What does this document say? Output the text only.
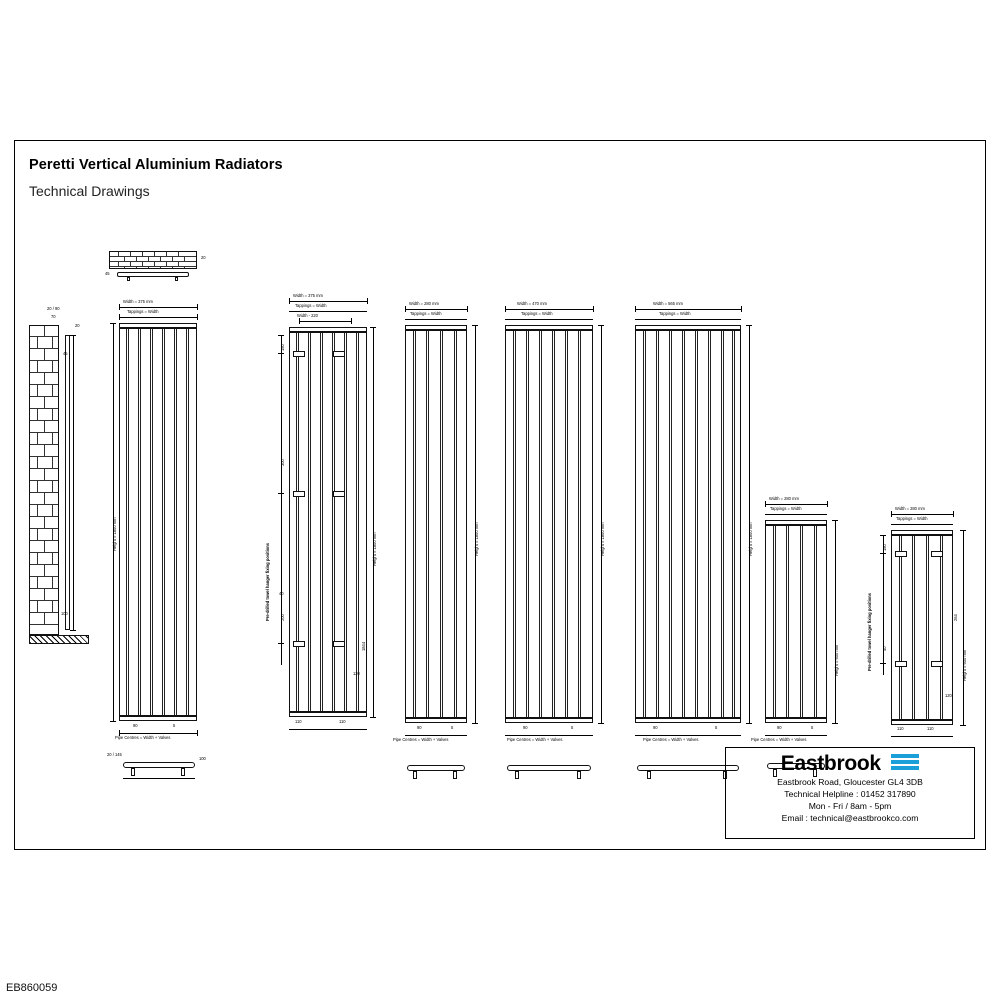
Peretti Vertical Aluminium Radiators
Technical Drawings
20 / 90
70
20
45
100
20
45
Width = 375 mm
Tappings = Width
Height = 1800 mm
90	5
Pipe Centres = Width + Valves
20 / 145
100
Width = 375 mm
Tappings = Width
Width - 220
150
300
200
Pre-drilled towel hanger fixing positions	Height = 1800 mm
1844
40
120
110	110
Width = 280 mm
Tappings = Width
Height = 1800 mm
90	5
Pipe Centres = Width + Valves
Width = 470 mm
Tappings = Width
Height = 1800 mm
90	5
Pipe Centres = Width + Valves
Width = 565 mm
Tappings = Width
Height = 1800 mm
90	5
Pipe Centres = Width + Valves
Width = 280 mm
Tappings = Width
Height = 600 mm
90	5
Pipe Centres = Width + Valves
Width = 280 mm
Tappings = Width
150
40
Pre-drilled towel hanger fixing positions	Height = 600 mm
264
120
110	110
Eastbrook
Eastbrook Road, Gloucester GL4 3DB
Technical Helpline : 01452 317890
Mon - Fri / 8am - 5pm
Email : technical@eastbrookco.com
EB860059
